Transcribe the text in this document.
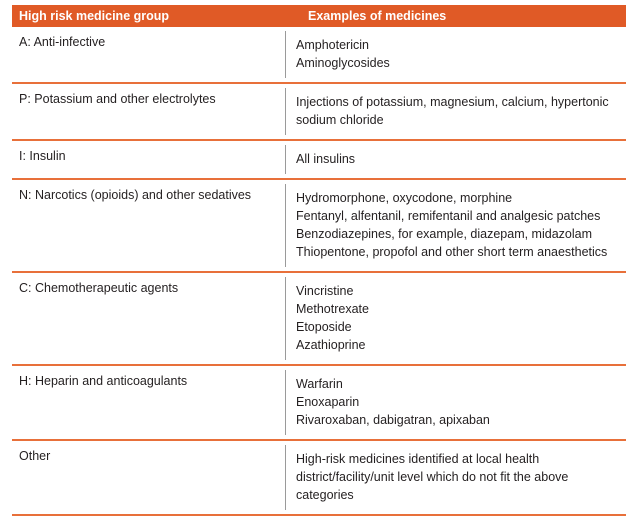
High risk medicine group	Examples of medicines
A: Anti-infective	Amphotericin
Aminoglycosides
P: Potassium and other electrolytes	Injections of potassium, magnesium, calcium, hypertonic sodium chloride
I: Insulin	All insulins
N: Narcotics (opioids) and other sedatives	Hydromorphone, oxycodone, morphine
Fentanyl, alfentanil, remifentanil and analgesic patches
Benzodiazepines, for example, diazepam, midazolam
Thiopentone, propofol and other short term anaesthetics
C: Chemotherapeutic agents	Vincristine
Methotrexate
Etoposide
Azathioprine
H: Heparin and anticoagulants	Warfarin
Enoxaparin
Rivaroxaban, dabigatran, apixaban
Other	High-risk medicines identified at local health district/facility/unit level which do not fit the above categories
